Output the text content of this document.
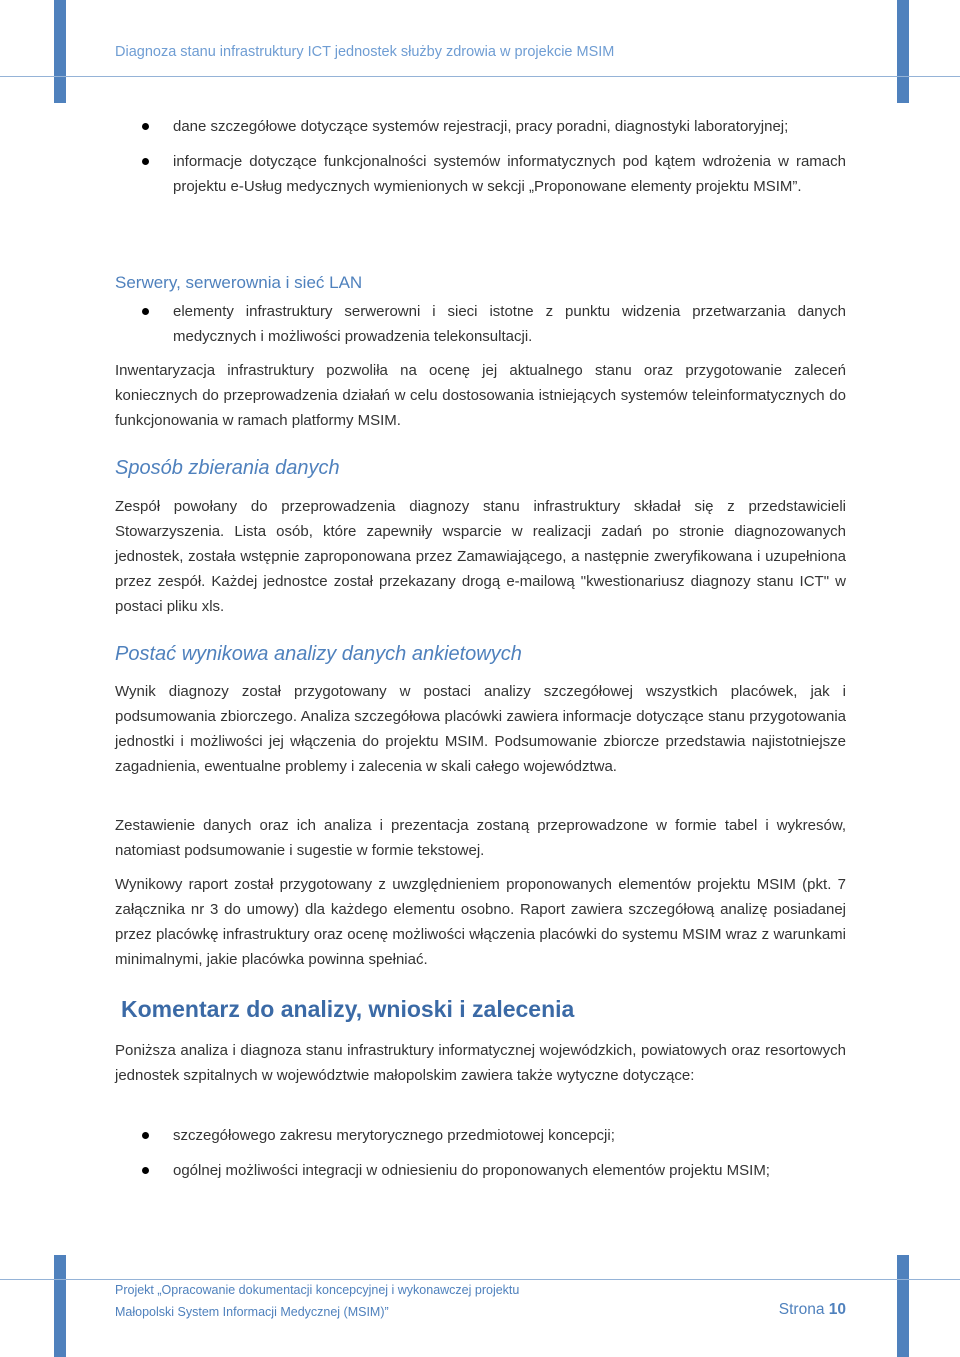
Diagnoza stanu infrastruktury ICT jednostek służby zdrowia w projekcie MSIM

dane szczegółowe dotyczące systemów rejestracji, pracy poradni, diagnostyki laboratoryjnej;
informacje dotyczące funkcjonalności systemów informatycznych pod kątem wdrożenia w ramach projektu e-Usług medycznych wymienionych w sekcji „Proponowane elementy projektu MSIM”.
Serwery, serwerownia i sieć LAN
elementy infrastruktury serwerowni i sieci istotne z punktu widzenia przetwarzania danych medycznych i możliwości prowadzenia telekonsultacji.

Inwentaryzacja infrastruktury pozwoliła na ocenę jej aktualnego stanu oraz przygotowanie zaleceń koniecznych do przeprowadzenia działań w celu dostosowania istniejących systemów teleinformatycznych do funkcjonowania w ramach platformy MSIM.

Sposób zbierania danych

Zespół powołany do przeprowadzenia diagnozy stanu infrastruktury składał się z przedstawicieli Stowarzyszenia. Lista osób, które zapewniły wsparcie w realizacji zadań po stronie diagnozowanych jednostek, została wstępnie zaproponowana przez Zamawiającego, a następnie zweryfikowana i uzupełniona przez zespół. Każdej jednostce został przekazany drogą e-mailową "kwestionariusz diagnozy stanu ICT" w postaci pliku xls.

Postać wynikowa analizy danych ankietowych

Wynik diagnozy został przygotowany w postaci analizy szczegółowej wszystkich placówek, jak i podsumowania zbiorczego. Analiza szczegółowa placówki zawiera informacje dotyczące stanu przygotowania jednostki i możliwości jej włączenia do projektu MSIM. Podsumowanie zbiorcze przedstawia najistotniejsze zagadnienia, ewentualne problemy i zalecenia w skali całego województwa.

Zestawienie danych oraz ich analiza i prezentacja zostaną przeprowadzone w formie tabel i wykresów, natomiast podsumowanie i sugestie w formie tekstowej.

Wynikowy raport został przygotowany z uwzględnieniem proponowanych elementów projektu MSIM (pkt. 7 załącznika nr 3 do umowy) dla każdego elementu osobno. Raport zawiera szczegółową analizę posiadanej przez placówkę infrastruktury oraz ocenę możliwości włączenia placówki do systemu MSIM wraz z warunkami minimalnymi, jakie placówka powinna spełniać.

Komentarz do analizy, wnioski i zalecenia

Poniższa analiza i diagnoza stanu infrastruktury informatycznej wojewódzkich, powiatowych oraz resortowych jednostek szpitalnych w województwie małopolskim zawiera także wytyczne dotyczące:

szczegółowego zakresu merytorycznego przedmiotowej koncepcji;
ogólnej możliwości integracji w odniesieniu do proponowanych elementów projektu MSIM;

Projekt „Opracowanie dokumentacji koncepcyjnej i wykonawczej projektu

Małopolski System Informacji Medycznej (MSIM)”	Strona 10
